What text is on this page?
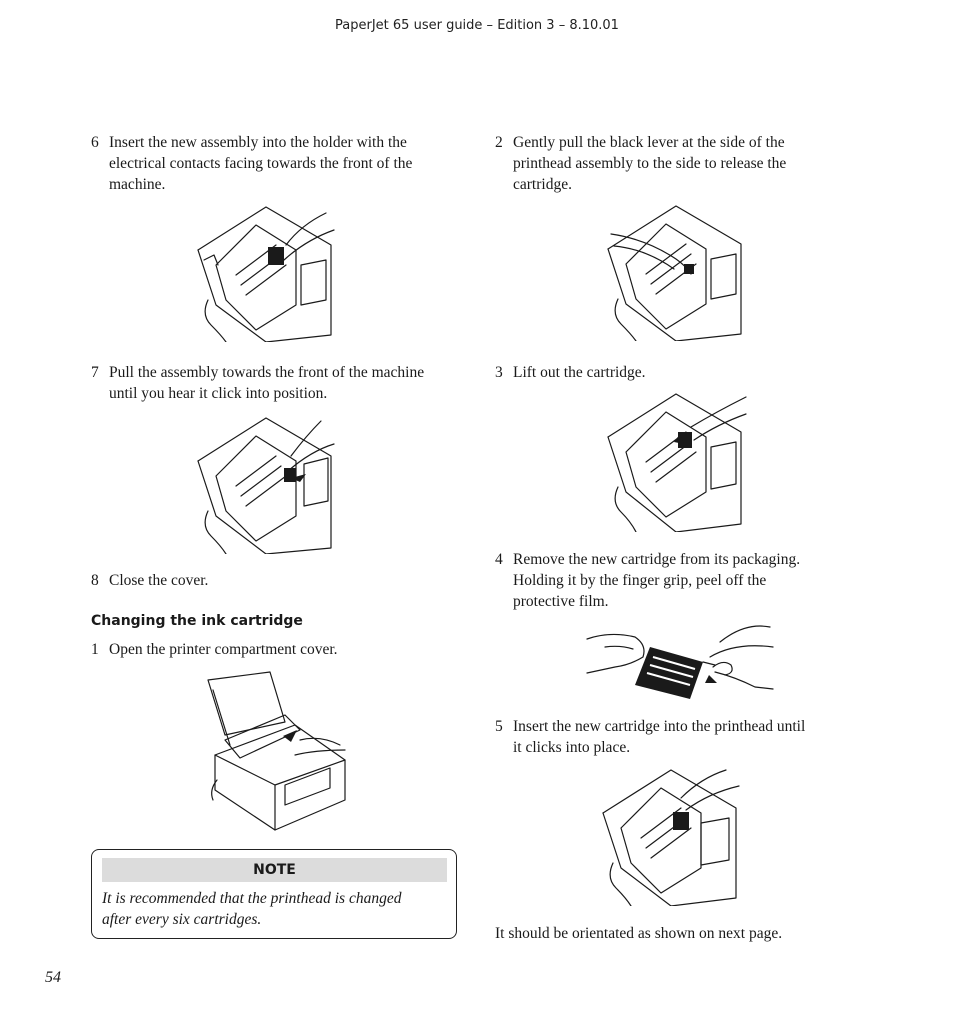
PaperJet 65 user guide – Edition 3 – 8.10.01
6 Insert the new assembly into the holder with the
electrical contacts facing towards the front of the
machine.
7 Pull the assembly towards the front of the machine
until you hear it click into position.
8 Close the cover.
Changing the ink cartridge
1 Open the printer compartment cover.
NOTE
It is recommended that the printhead is changed
after every six cartridges.
2 Gently pull the black lever at the side of the
printhead assembly to the side to release the
cartridge.
3 Lift out the cartridge.
4 Remove the new cartridge from its packaging.
Holding it by the finger grip, peel off the
protective film.
5 Insert the new cartridge into the printhead until
it clicks into place.
It should be orientated as shown on next page.
54
